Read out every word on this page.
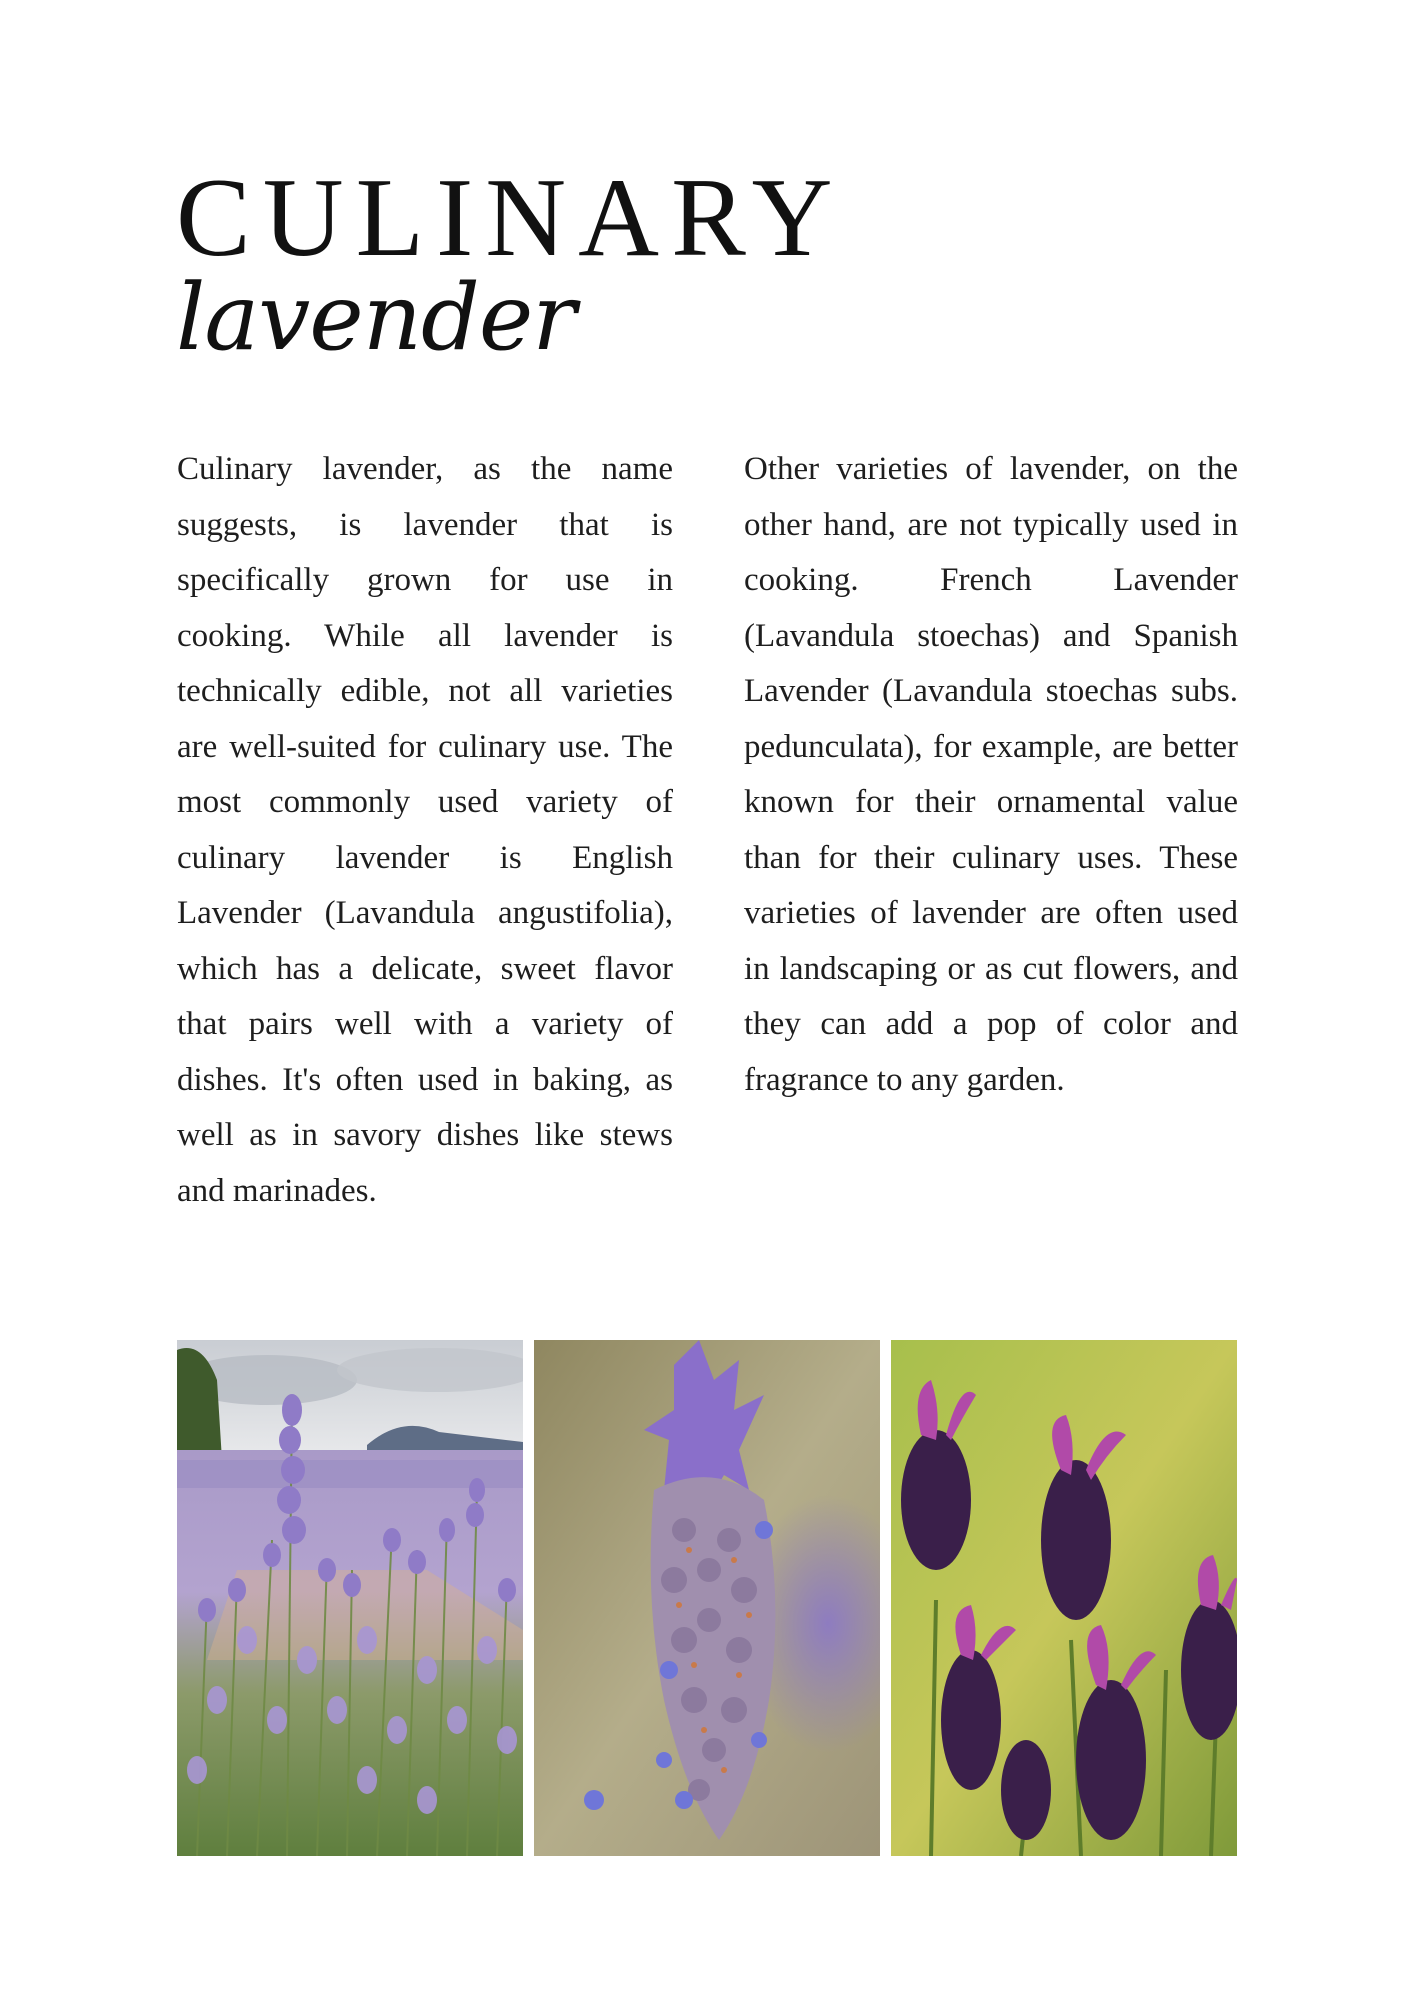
CULINARY
lavender

Culinary lavender, as the name suggests, is lavender that is specifically grown for use in cooking. While all lavender is technically edible, not all varieties are well-suited for culinary use. The most commonly used variety of culinary lavender is English Lavender (Lavandula angustifolia), which has a delicate, sweet flavor that pairs well with a variety of dishes. It's often used in baking, as well as in savory dishes like stews and marinades.

Other varieties of lavender, on the other hand, are not typically used in cooking. French Lavender (Lavandula stoechas) and Spanish Lavender (Lavandula stoechas subs. pedunculata), for example, are better known for their ornamental value than for their culinary uses. These varieties of lavender are often used in landscaping or as cut flowers, and they can add a pop of color and fragrance to any garden.
